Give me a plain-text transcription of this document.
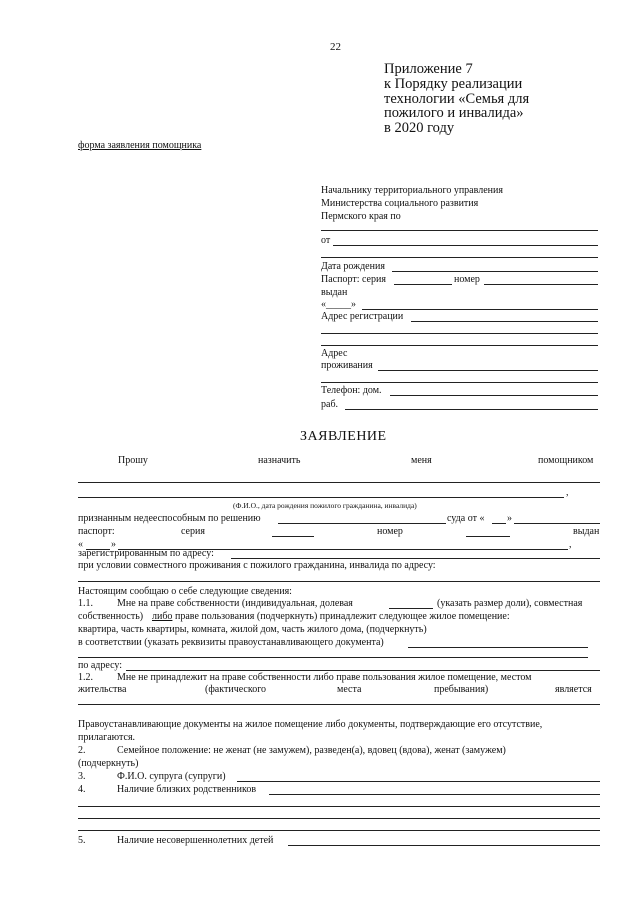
22
Приложение 7
к Порядку реализации
технологии «Семья для
пожилого и инвалида»
в 2020 году
форма заявления помощника
Начальнику территориального управления
Министерства социального развития
Пермского края по
от
Дата рождения
Паспорт: серия	номер
выдан
«_____»
Адрес регистрации
Адрес
проживания
Телефон: дом.
раб.
ЗАЯВЛЕНИЕ
Прошу	назначить	меня	помощником
,
(Ф.И.О., дата рождения пожилого гражданина, инвалида)
признанным недееспособным по решению	суда от « »
паспорт:	серия	номер	выдан
«	»	,
зарегистрированным по адресу:
при условии совместного проживания с пожилого гражданина, инвалида по адресу:
Настоящим сообщаю о себе следующие сведения:
1.1. Мне на праве собственности (индивидуальная, долевая	(указать размер доли), совместная
собственность) либо праве пользования (подчеркнуть) принадлежит следующее жилое помещение:
квартира, часть квартиры, комната, жилой дом, часть жилого дома, (подчеркнуть)
в соответствии (указать реквизиты правоустанавливающего документа)
по адресу:
1.2. Мне не принадлежит на праве собственности либо праве пользования жилое помещение, местом
жительства	(фактического	места	пребывания)	является
Правоустанавливающие документы на жилое помещение либо документы, подтверждающие его отсутствие,
прилагаются.
2.	Семейное положение: не женат (не замужем), разведен(а), вдовец (вдова), женат (замужем)
(подчеркнуть)
3.	Ф.И.О. супруга (супруги)
4.	Наличие близких родственников
5.	Наличие несовершеннолетних детей
